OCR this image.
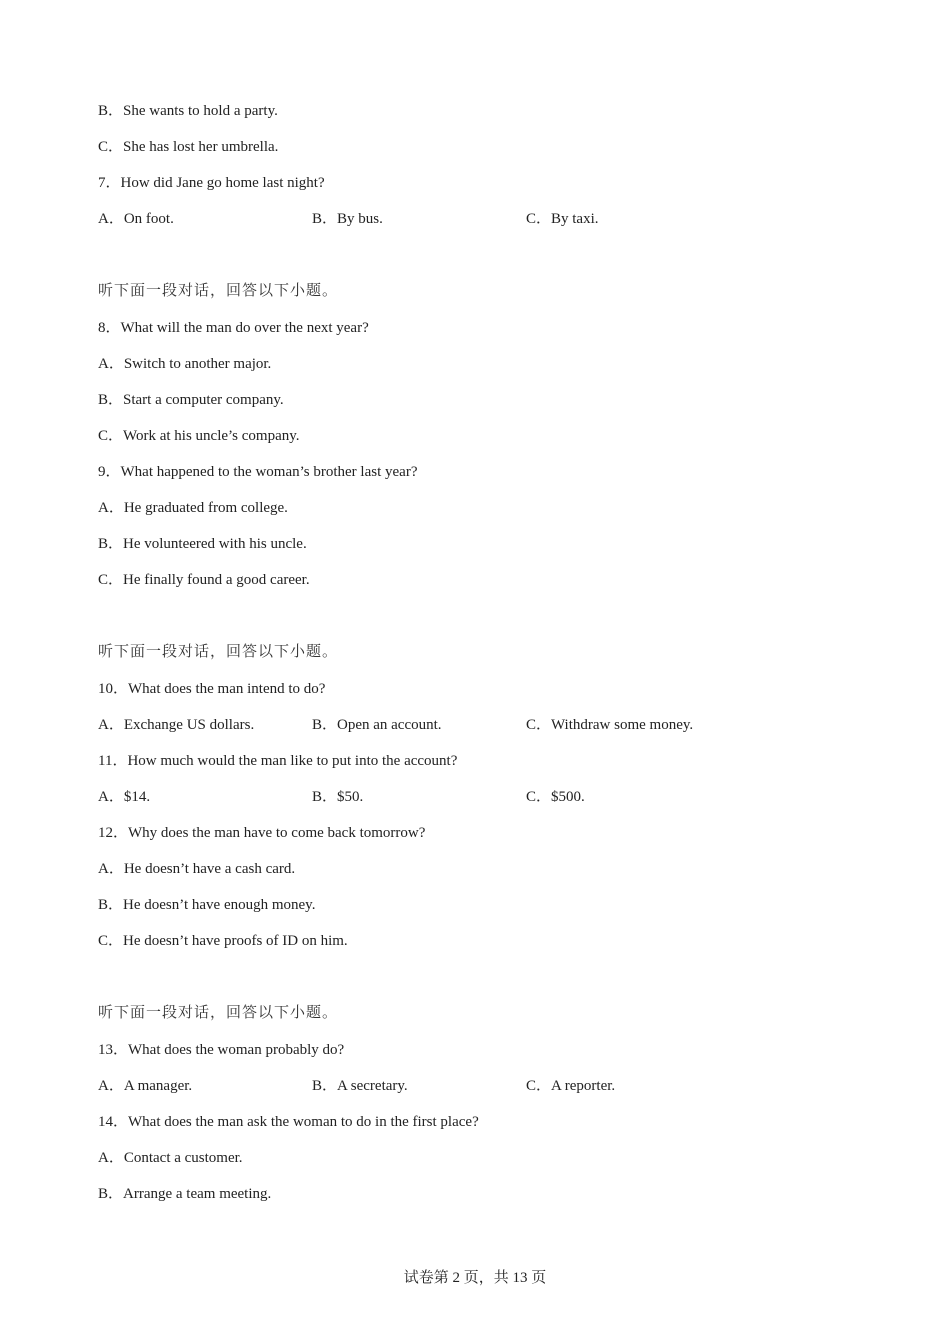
B．She wants to hold a party.
C．She has lost her umbrella.
7．How did Jane go home last night?
A．On foot.	B．By bus.	C．By taxi.
听下面一段对话，回答以下小题。
8．What will the man do over the next year?
A．Switch to another major.
B．Start a computer company.
C．Work at his uncle’s company.
9．What happened to the woman’s brother last year?
A．He graduated from college.
B．He volunteered with his uncle.
C．He finally found a good career.
听下面一段对话，回答以下小题。
10．What does the man intend to do?
A．Exchange US dollars.	B．Open an account.	C．Withdraw some money.
11．How much would the man like to put into the account?
A．$14.	B．$50.	C．$500.
12．Why does the man have to come back tomorrow?
A．He doesn’t have a cash card.
B．He doesn’t have enough money.
C．He doesn’t have proofs of ID on him.
听下面一段对话，回答以下小题。
13．What does the woman probably do?
A．A manager.	B．A secretary.	C．A reporter.
14．What does the man ask the woman to do in the first place?
A．Contact a customer.
B．Arrange a team meeting.
试卷第 2 页，共 13 页
